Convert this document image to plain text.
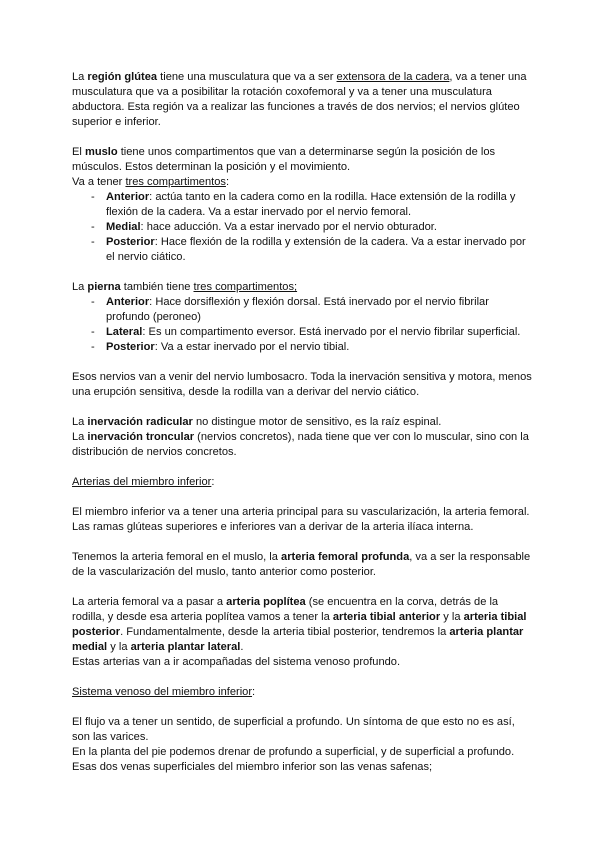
La región glútea tiene una musculatura que va a ser extensora de la cadera, va a tener una musculatura que va a posibilitar la rotación coxofemoral y va a tener una musculatura abductora. Esta región va a realizar las funciones a través de dos nervios; el nervios glúteo superior e inferior.

El muslo tiene unos compartimentos que van a determinarse según la posición de los músculos. Estos determinan la posición y el movimiento.
Va a tener tres compartimentos:

- Anterior: actúa tanto en la cadera como en la rodilla. Hace extensión de la rodilla y flexión de la cadera. Va a estar inervado por el nervio femoral.
- Medial: hace aducción. Va a estar inervado por el nervio obturador.
- Posterior: Hace flexión de la rodilla y extensión de la cadera. Va a estar inervado por el nervio ciático.

La pierna también tiene tres compartimentos;

- Anterior: Hace dorsiflexión y flexión dorsal. Está inervado por el nervio fibrilar profundo (peroneo)
- Lateral: Es un compartimento eversor. Está inervado por el nervio fibrilar superficial.
- Posterior: Va a estar inervado por el nervio tibial.

Esos nervios van a venir del nervio lumbosacro. Toda la inervación sensitiva y motora, menos una erupción sensitiva, desde la rodilla van a derivar del nervio ciático.

La inervación radicular no distingue motor de sensitivo, es la raíz espinal.
La inervación troncular (nervios concretos), nada tiene que ver con lo muscular, sino con la distribución de nervios concretos.

Arterias del miembro inferior:

El miembro inferior va a tener una arteria principal para su vascularización, la arteria femoral.
Las ramas glúteas superiores e inferiores van a derivar de la arteria ilíaca interna.

Tenemos la arteria femoral en el muslo, la arteria femoral profunda, va a ser la responsable de la vascularización del muslo, tanto anterior como posterior.

La arteria femoral va a pasar a arteria poplítea (se encuentra en la corva, detrás de la rodilla, y desde esa arteria poplítea vamos a tener la arteria tibial anterior y la arteria tibial posterior. Fundamentalmente, desde la arteria tibial posterior, tendremos la arteria plantar medial y la arteria plantar lateral.
Estas arterias van a ir acompañadas del sistema venoso profundo.

Sistema venoso del miembro inferior:

El flujo va a tener un sentido, de superficial a profundo. Un síntoma de que esto no es así, son las varices.
En la planta del pie podemos drenar de profundo a superficial, y de superficial a profundo.
Esas dos venas superficiales del miembro inferior son las venas safenas;
